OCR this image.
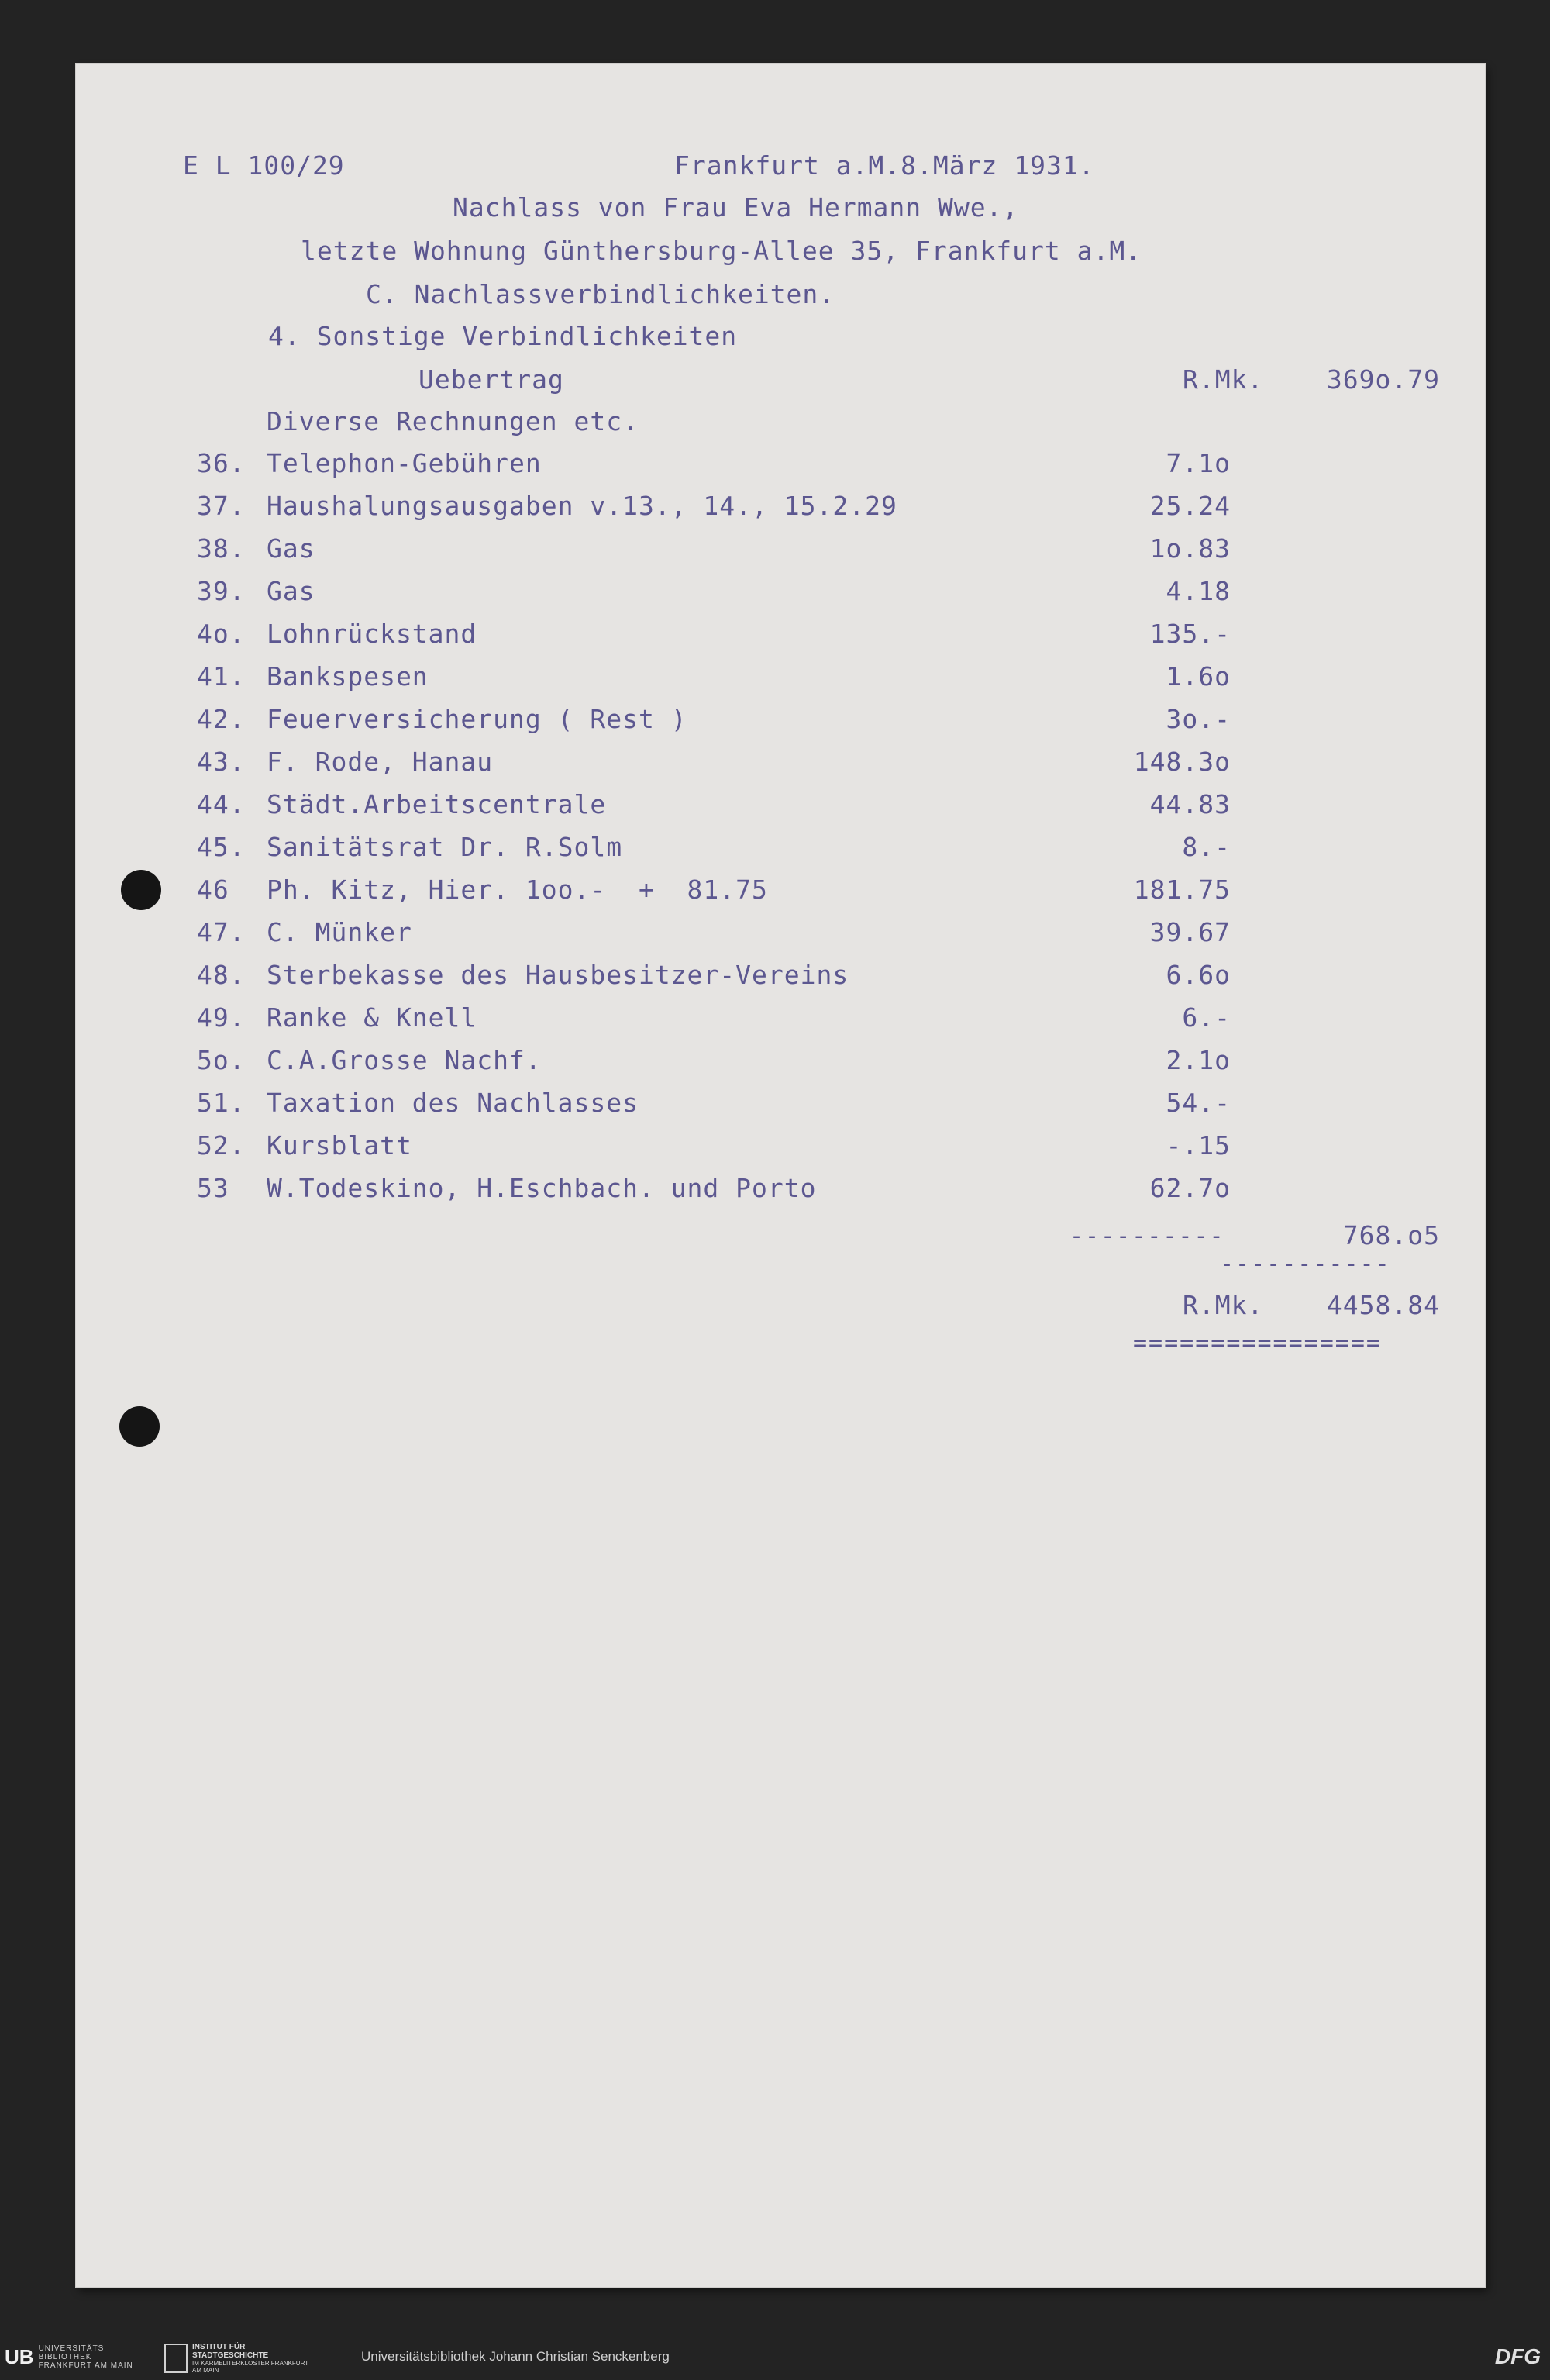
E L 100/29	Frankfurt a.M.8.März 1931.
Nachlass von Frau Eva Hermann Wwe.,
letzte Wohnung Günthersburg-Allee 35, Frankfurt a.M.
C. Nachlassverbindlichkeiten.
4. Sonstige Verbindlichkeiten
Uebertrag	R.Mk.	369o.79
Diverse Rechnungen etc.
36. Telephon-Gebühren	7.1o
37. Haushalungsausgaben v.13., 14., 15.2.29	25.24
38. Gas	1o.83
39. Gas	4.18
4o. Lohnrückstand	135.-
41. Bankspesen	1.6o
42. Feuerversicherung ( Rest )	3o.-
43. F. Rode, Hanau	148.3o
44. Städt.Arbeitscentrale	44.83
45. Sanitätsrat Dr. R.Solm	8.-
46 Ph. Kitz, Hier. 1oo.-  +  81.75	181.75
47. C. Münker	39.67
48. Sterbekasse des Hausbesitzer-Vereins	6.6o
49. Ranke & Knell	6.-
5o. C.A.Grosse Nachf.	2.1o
51. Taxation des Nachlasses	54.-
52. Kursblatt	-.15
53 W.Todeskino, H.Eschbach. und Porto	62.7o
----------	768.o5
-----------
R.Mk.	4458.84
================
UB UNIVERSITÄTS BIBLIOTHEK FRANKFURT AM MAIN
INSTITUT FÜR STADTGESCHICHTE
IM KARMELITERKLOSTER FRANKFURT AM MAIN
Universitätsbibliothek Johann Christian Senckenberg	DFG
